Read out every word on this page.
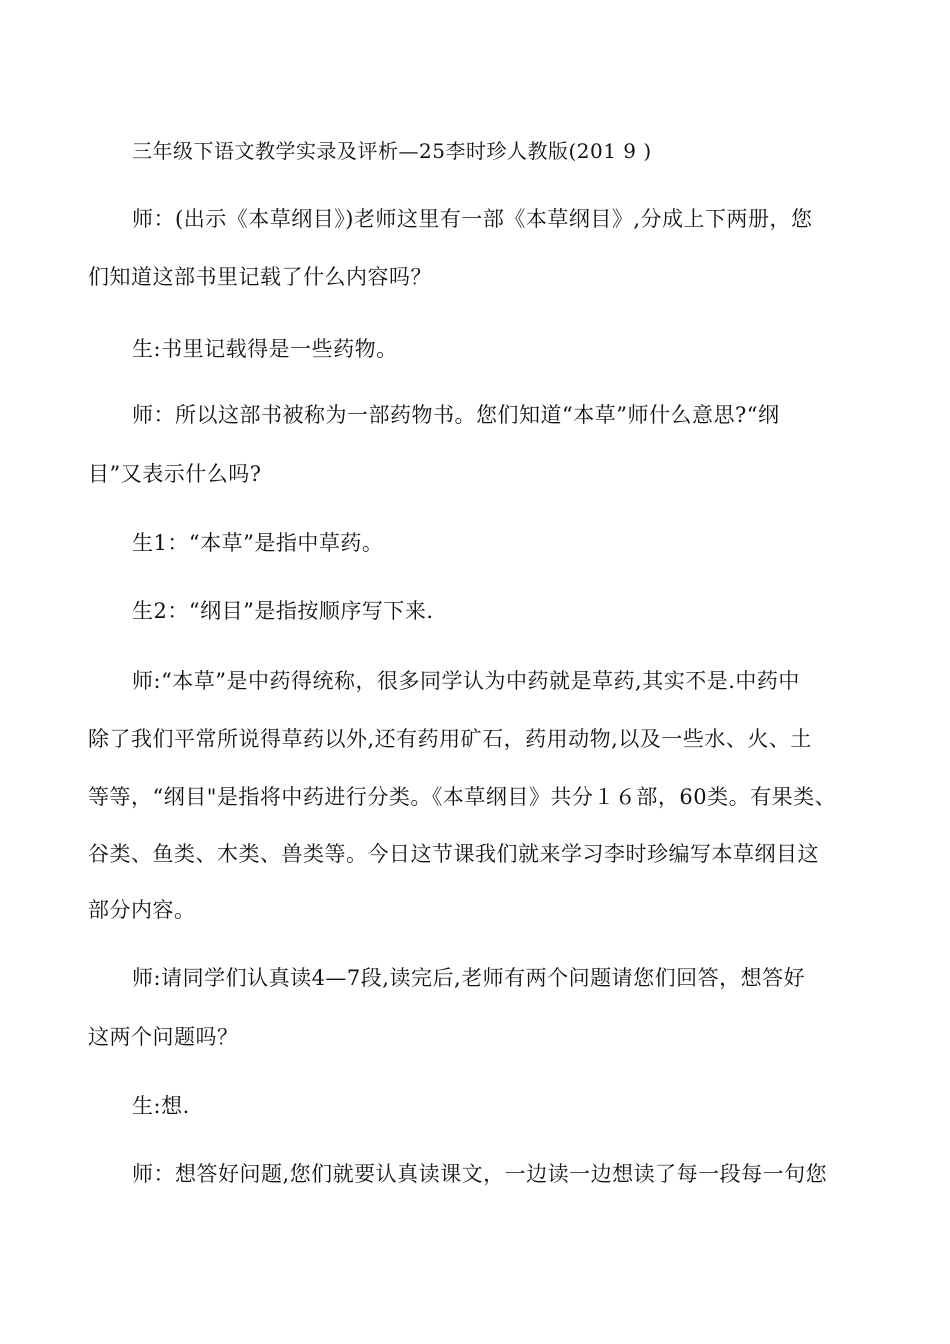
三年级下语文教学实录及评析—25李时珍人教版(201 9 )
师：(出示《本草纲目》)老师这里有一部《本草纲目》,分成上下两册，您
们知道这部书里记载了什么内容吗？
生:书里记载得是一些药物。
师：所以这部书被称为一部药物书。您们知道“本草”师什么意思?“纲
目”又表示什么吗?
生1：“本草”是指中草药。
生2：“纲目”是指按顺序写下来.
师:“本草”是中药得统称，很多同学认为中药就是草药,其实不是.中药中
除了我们平常所说得草药以外,还有药用矿石，药用动物,以及一些水、火、土
等等，“纲目"是指将中药进行分类。《本草纲目》共分１６部，60类。有果类、
谷类、鱼类、木类、兽类等。今日这节课我们就来学习李时珍编写本草纲目这
部分内容。
师:请同学们认真读4—7段,读完后,老师有两个问题请您们回答，想答好
这两个问题吗？
生:想.
师：想答好问题,您们就要认真读课文，一边读一边想读了每一段每一句您
